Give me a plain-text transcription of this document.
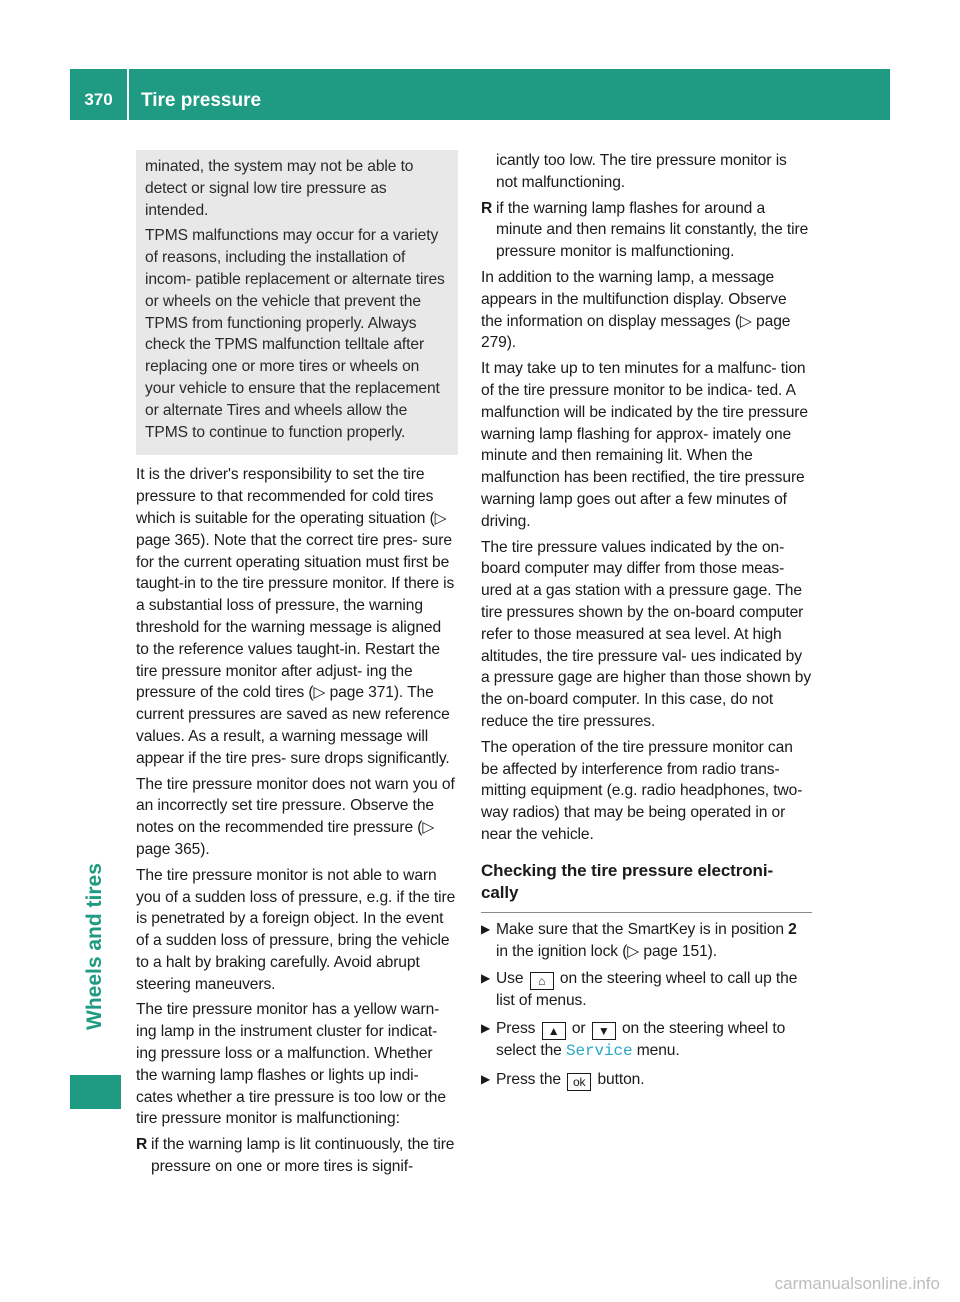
370	Tire pressure
Wheels and tires

minated, the system may not be able to detect or signal low tire pressure as intended.

TPMS malfunctions may occur for a variety of reasons, including the installation of incom- patible replacement or alternate tires or wheels on the vehicle that prevent the TPMS from functioning properly. Always check the TPMS malfunction telltale after replacing one or more tires or wheels on your vehicle to ensure that the replacement or alternate Tires and wheels allow the TPMS to continue to function properly.

It is the driver's responsibility to set the tire pressure to that recommended for cold tires which is suitable for the operating situation (▷ page 365). Note that the correct tire pres- sure for the current operating situation must first be taught-in to the tire pressure monitor. If there is a substantial loss of pressure, the warning threshold for the warning message is aligned to the reference values taught-in. Restart the tire pressure monitor after adjust- ing the pressure of the cold tires (▷ page 371). The current pressures are saved as new reference values. As a result, a warning message will appear if the tire pres- sure drops significantly.

The tire pressure monitor does not warn you of an incorrectly set tire pressure. Observe the notes on the recommended tire pressure (▷ page 365).

The tire pressure monitor is not able to warn you of a sudden loss of pressure, e.g. if the tire is penetrated by a foreign object. In the event of a sudden loss of pressure, bring the vehicle to a halt by braking carefully. Avoid abrupt steering maneuvers.

The tire pressure monitor has a yellow warn- ing lamp in the instrument cluster for indicat- ing pressure loss or a malfunction. Whether the warning lamp flashes or lights up indi- cates whether a tire pressure is too low or the tire pressure monitor is malfunctioning:

R if the warning lamp is lit continuously, the tire pressure on one or more tires is signif-
icantly too low. The tire pressure monitor is not malfunctioning.
R if the warning lamp flashes for around a minute and then remains lit constantly, the tire pressure monitor is malfunctioning.

In addition to the warning lamp, a message appears in the multifunction display. Observe the information on display messages (▷ page 279).

It may take up to ten minutes for a malfunc- tion of the tire pressure monitor to be indica- ted. A malfunction will be indicated by the tire pressure warning lamp flashing for approx- imately one minute and then remaining lit. When the malfunction has been rectified, the tire pressure warning lamp goes out after a few minutes of driving.

The tire pressure values indicated by the on- board computer may differ from those meas- ured at a gas station with a pressure gage. The tire pressures shown by the on-board computer refer to those measured at sea level. At high altitudes, the tire pressure val- ues indicated by a pressure gage are higher than those shown by the on-board computer. In this case, do not reduce the tire pressures.

The operation of the tire pressure monitor can be affected by interference from radio trans- mitting equipment (e.g. radio headphones, two-way radios) that may be being operated in or near the vehicle.

Checking the tire pressure electroni- cally
▶ Make sure that the SmartKey is in position 2 in the ignition lock (▷ page 151).
▶ Use ⌂ on the steering wheel to call up the list of menus.
▶ Press ▲ or ▼ on the steering wheel to select the Service menu.
▶ Press the ok button.
carmanualsonline.info
